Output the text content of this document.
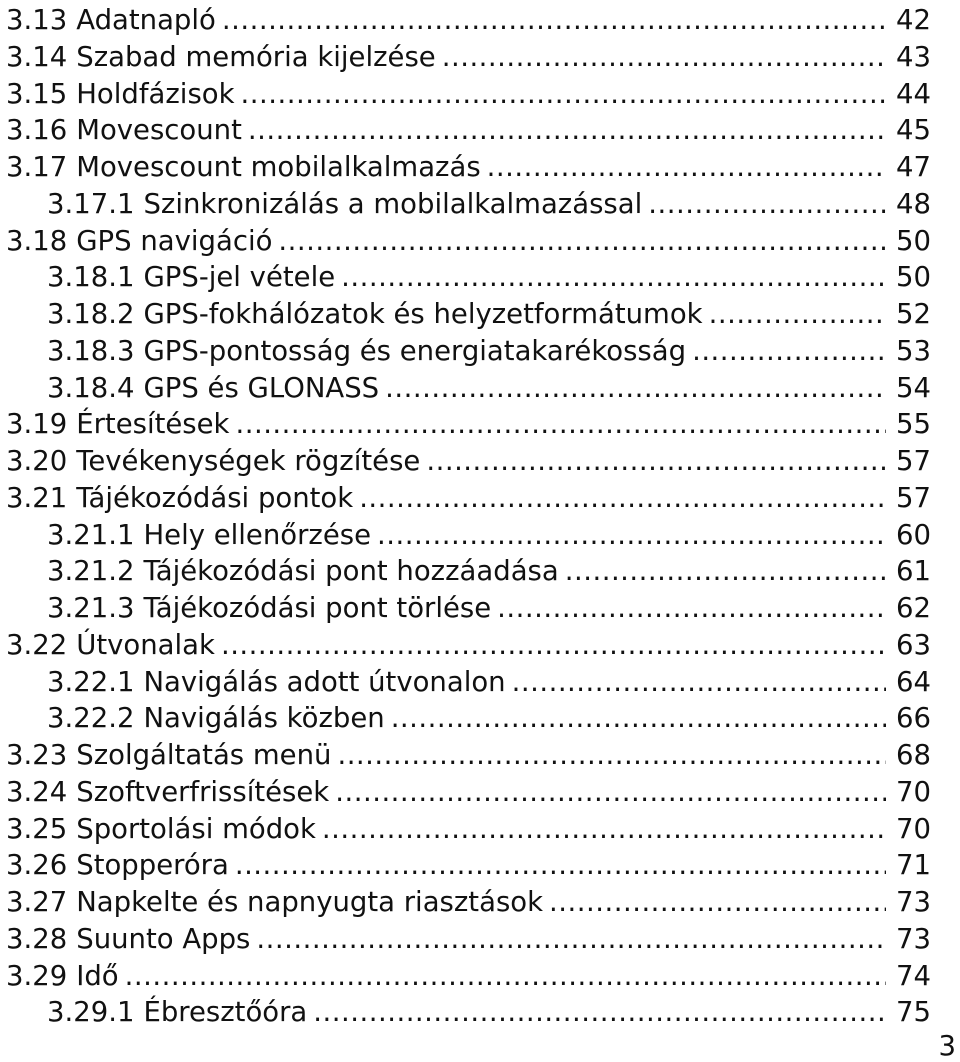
3.13 Adatnapló .....	42
3.14 Szabad memória kijelzése .....	43
3.15 Holdfázisok .....	44
3.16 Movescount .....	45
3.17 Movescount mobilalkalmazás .....	47
3.17.1 Szinkronizálás a mobilalkalmazással .....	48
3.18 GPS navigáció .....	50
3.18.1 GPS-jel vétele .....	50
3.18.2 GPS-fokhálózatok és helyzetformátumok .....	52
3.18.3 GPS-pontosság és energiatakarékosság .....	53
3.18.4 GPS és GLONASS .....	54
3.19 Értesítések .....	55
3.20 Tevékenységek rögzítése .....	57
3.21 Tájékozódási pontok .....	57
3.21.1 Hely ellenőrzése .....	60
3.21.2 Tájékozódási pont hozzáadása .....	61
3.21.3 Tájékozódási pont törlése .....	62
3.22 Útvonalak .....	63
3.22.1 Navigálás adott útvonalon .....	64
3.22.2 Navigálás közben .....	66
3.23 Szolgáltatás menü .....	68
3.24 Szoftverfrissítések .....	70
3.25 Sportolási módok .....	70
3.26 Stopperóra .....	71
3.27 Napkelte és napnyugta riasztások .....	73
3.28 Suunto Apps .....	73
3.29 Idő .....	74
3.29.1 Ébresztőóra .....	75
3
